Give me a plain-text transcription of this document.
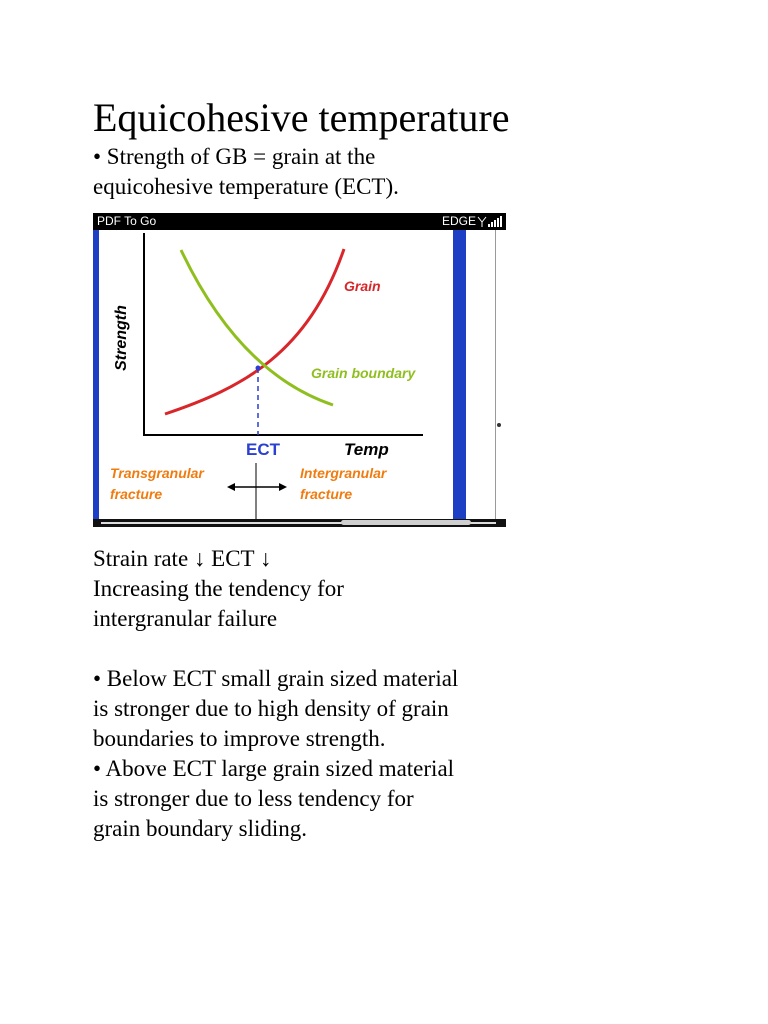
Equicohesive temperature
• Strength of GB = grain at the
equicohesive temperature (ECT).
PDF To Go	EDGE
Strength
Temp
ECT
Grain
Grain boundary
Transgranular
fracture
Intergranular
fracture
Strain rate ↓ ECT ↓
Increasing the tendency for
intergranular failure
• Below ECT small grain sized material
is stronger due to high density of grain
boundaries to improve strength.
• Above ECT large grain sized material
is stronger due to less tendency for
grain boundary sliding.
